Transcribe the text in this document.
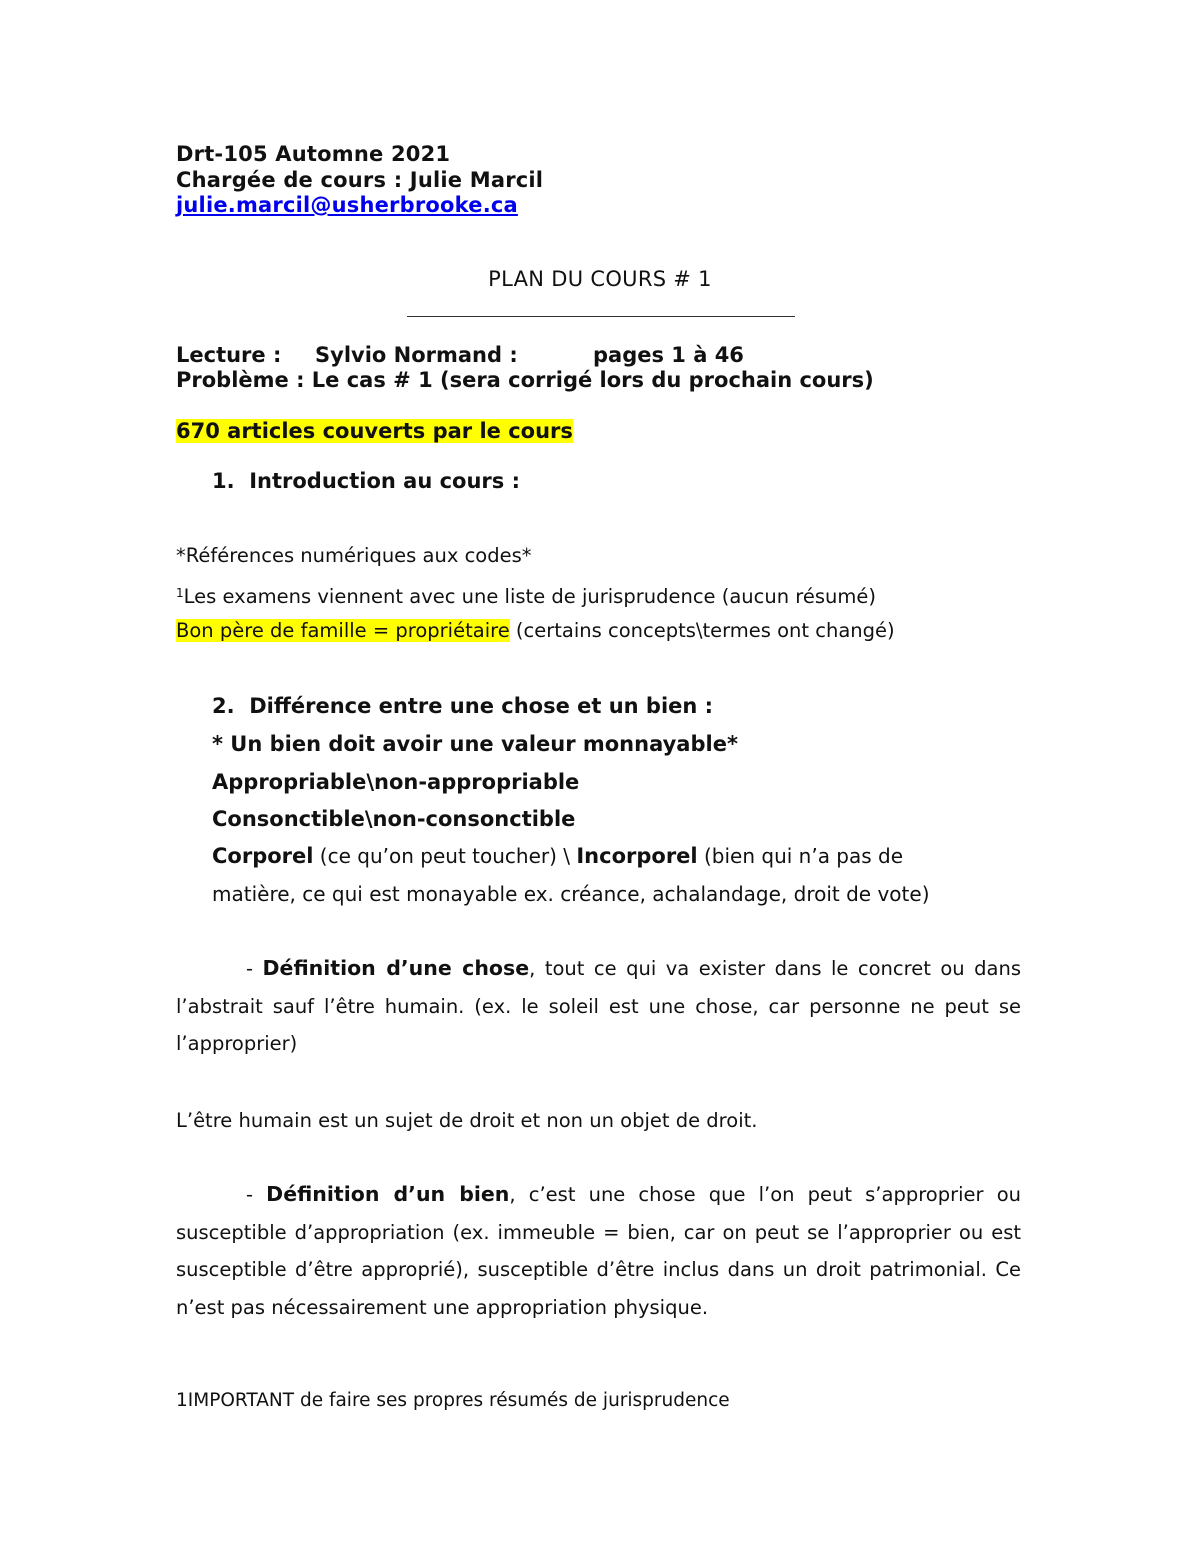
Drt-105 Automne 2021
Chargée de cours : Julie Marcil
julie.marcil@usherbrooke.ca
PLAN DU COURS # 1
Lecture : Sylvio Normand :	pages 1 à 46
Problème : Le cas # 1 (sera corrigé lors du prochain cours)
670 articles couverts par le cours
1. Introduction au cours :
*Références numériques aux codes*
$^1$Les examens viennent avec une liste de jurisprudence (aucun résumé)
Bon père de famille = propriétaire (certains concepts\termes ont changé)
2. Différence entre une chose et un bien :
* Un bien doit avoir une valeur monnayable*
Appropriable\non-appropriable
Consonctible\non-consonctible
Corporel (ce qu’on peut toucher) \ Incorporel (bien qui n’a pas de
matière, ce qui est monayable ex. créance, achalandage, droit de vote)
- Définition d’une chose, tout ce qui va exister dans le concret ou dans l’abstrait sauf l’être humain. (ex. le soleil est une chose, car personne ne peut se l’approprier)
L’être humain est un sujet de droit et non un objet de droit.
- Définition d’un bien, c’est une chose que l’on peut s’approprier ou susceptible d’appropriation (ex. immeuble = bien, car on peut se l’approprier ou est susceptible d’être approprié), susceptible d’être inclus dans un droit patrimonial. Ce n’est pas nécessairement une appropriation physique.
1IMPORTANT de faire ses propres résumés de jurisprudence
